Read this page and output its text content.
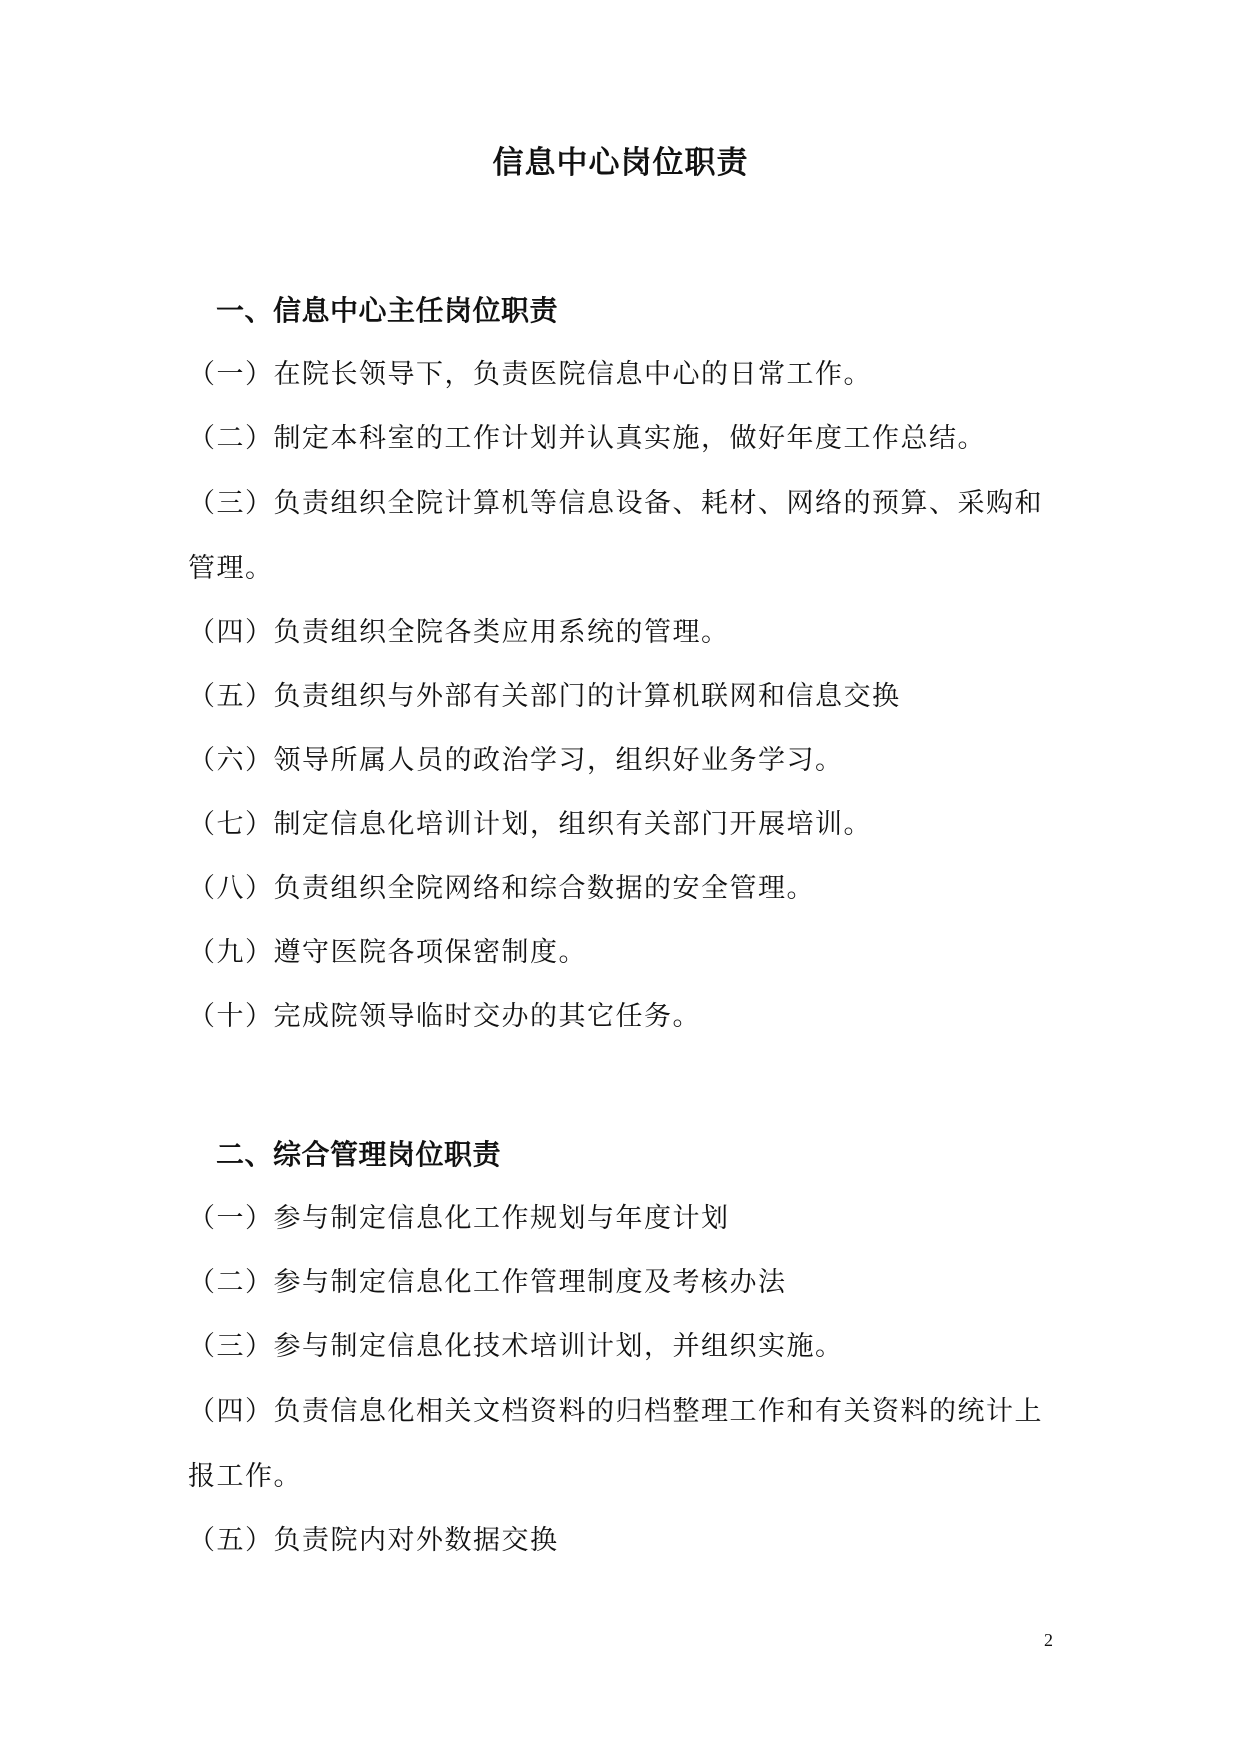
信息中心岗位职责
一、信息中心主任岗位职责

（一）在院长领导下，负责医院信息中心的日常工作。

（二）制定本科室的工作计划并认真实施，做好年度工作总结。

（三）负责组织全院计算机等信息设备、耗材、网络的预算、采购和管理。

（四）负责组织全院各类应用系统的管理。

（五）负责组织与外部有关部门的计算机联网和信息交换

（六）领导所属人员的政治学习，组织好业务学习。

（七）制定信息化培训计划，组织有关部门开展培训。

（八）负责组织全院网络和综合数据的安全管理。

（九）遵守医院各项保密制度。

（十）完成院领导临时交办的其它任务。

二、综合管理岗位职责

（一）参与制定信息化工作规划与年度计划

（二）参与制定信息化工作管理制度及考核办法

（三）参与制定信息化技术培训计划，并组织实施。

（四）负责信息化相关文档资料的归档整理工作和有关资料的统计上报工作。

（五）负责院内对外数据交换

2
